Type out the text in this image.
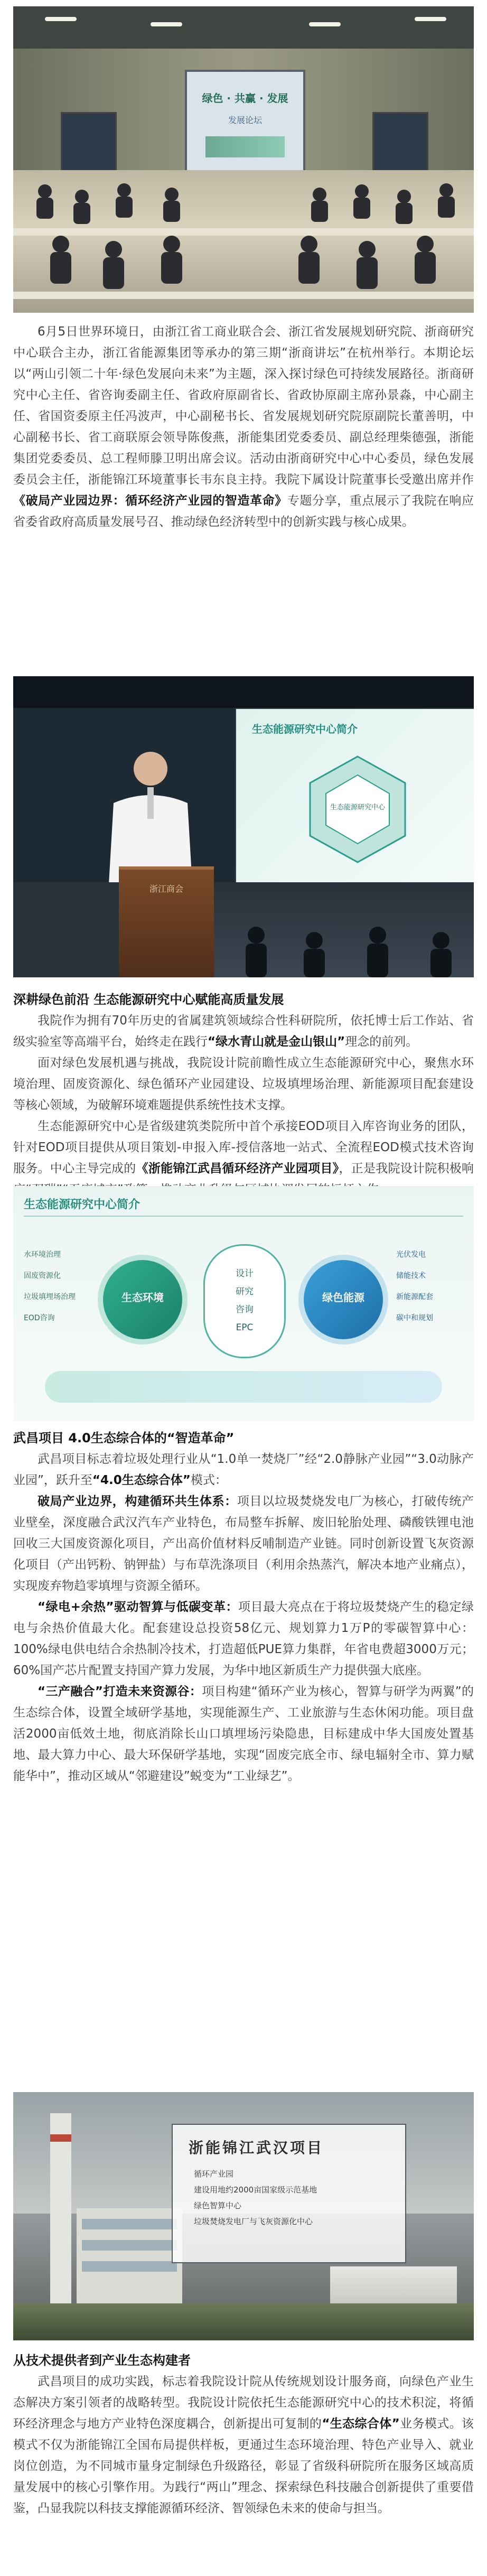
绿色 · 共赢 · 发展
发展论坛

6月5日世界环境日，由浙江省工商业联合会、浙江省发展规划研究院、浙商研究中心联合主办，浙江省能源集团等承办的第三期“浙商讲坛”在杭州举行。本期论坛以“两山引领二十年·绿色发展向未来”为主题，深入探讨绿色可持续发展路径。浙商研究中心主任、省咨询委副主任、省政府原副省长、省政协原副主席孙景淼，中心副主任、省国资委原主任冯波声，中心副秘书长、省发展规划研究院原副院长董善明，中心副秘书长、省工商联原会领导陈俊燕，浙能集团党委委员、副总经理柴德强，浙能集团党委委员、总工程师滕卫明出席会议。活动由浙商研究中心中心委员，绿色发展委员会主任，浙能锦江环境董事长韦东良主持。我院下属设计院董事长受邀出席并作《破局产业园边界：循环经济产业园的智造革命》专题分享，重点展示了我院在响应省委省政府高质量发展号召、推动绿色经济转型中的创新实践与核心成果。

生态能源研究中心简介
生态能源研究中心
浙江商会

深耕绿色前沿 生态能源研究中心赋能高质量发展

我院作为拥有70年历史的省属建筑领域综合性科研院所，依托博士后工作站、省级实验室等高端平台，始终走在践行“绿水青山就是金山银山”理念的前列。

面对绿色发展机遇与挑战，我院设计院前瞻性成立生态能源研究中心，聚焦水环境治理、固废资源化、绿色循环产业园建设、垃圾填埋场治理、新能源项目配套建设等核心领域，为破解环境难题提供系统性技术支撑。

生态能源研究中心是省级建筑类院所中首个承接EOD项目入库咨询业务的团队，针对EOD项目提供从项目策划-申报入库-授信落地一站式、全流程EOD模式技术咨询服务。中心主导完成的《浙能锦江武昌循环经济产业园项目》，正是我院设计院积极响

生态能源研究中心简介
生态环境
设计
研究
咨询
EPC
绿色能源
水环境治理
固废资源化
垃圾填埋场治理
EOD咨询
光伏发电
储能技术
新能源配套
碳中和规划

武昌项目 4.0生态综合体的“智造革命”

武昌项目标志着垃圾处理行业从“1.0单一焚烧厂”经“2.0静脉产业园”“3.0动脉产业园”，跃升至“4.0生态综合体”模式：

破局产业边界，构建循环共生体系：项目以垃圾焚烧发电厂为核心，打破传统产业壁垒，深度融合武汉汽车产业特色，布局整车拆解、废旧轮胎处理、磷酸铁锂电池回收三大国废资源化项目，产出高价值材料反哺制造产业链。同时创新设置飞灰资源化项目（产出钙粉、钠钾盐）与布草洗涤项目（利用余热蒸汽，解决本地产业痛点），实现废弃物趋零填埋与资源全循环。

“绿电+余热”驱动智算与低碳变革：项目最大亮点在于将垃圾焚烧产生的稳定绿电与余热价值最大化。配套建设总投资58亿元、规划算力1万P的零碳智算中心：100%绿电供电结合余热制冷技术，打造超低PUE算力集群，年省电费超3000万元；60%国产芯片配置支持国产算力发展，为华中地区新质生产力提供强大底座。

“三产融合”打造未来资源谷：项目构建“循环产业为核心，智算与研学为两翼”的生态综合体，设置全域研学基地，实现能源生产、工业旅游与生态休闲功能。项目盘活2000亩低效土地，彻底消除长山口填埋场污染隐患，目标建成中华大国废处置基地、最大算力中心、最大环保研学基地，实现“固废完底全市、绿电辐射全市、算力赋能华中”，推动区域从“邻避建设”蜕变为“工业绿艺”。

浙能锦江武汉项目
循环产业园
建设用地约2000亩国家级示范基地
绿色智算中心
垃圾焚烧发电厂与飞灰资源化中心

从技术提供者到产业生态构建者

武昌项目的成功实践，标志着我院设计院从传统规划设计服务商，向绿色产业生态解决方案引领者的战略转型。我院设计院依托生态能源研究中心的技术积淀，将循环经济理念与地方产业特色深度耦合，创新提出可复制的“生态综合体”业务模式。该模式不仅为浙能锦江全国布局提供样板，更通过生态环境治理、特色产业导入、就业岗位创造，为不同城市量身定制绿色升级路径，彰显了省级科研院所在服务区域高质量发展中的核心引擎作用。为践行“两山”理念、探索绿色科技融合创新提供了重要借鉴，凸显我院以科技支撑能源循环经济、智领绿色未来的使命与担当。
